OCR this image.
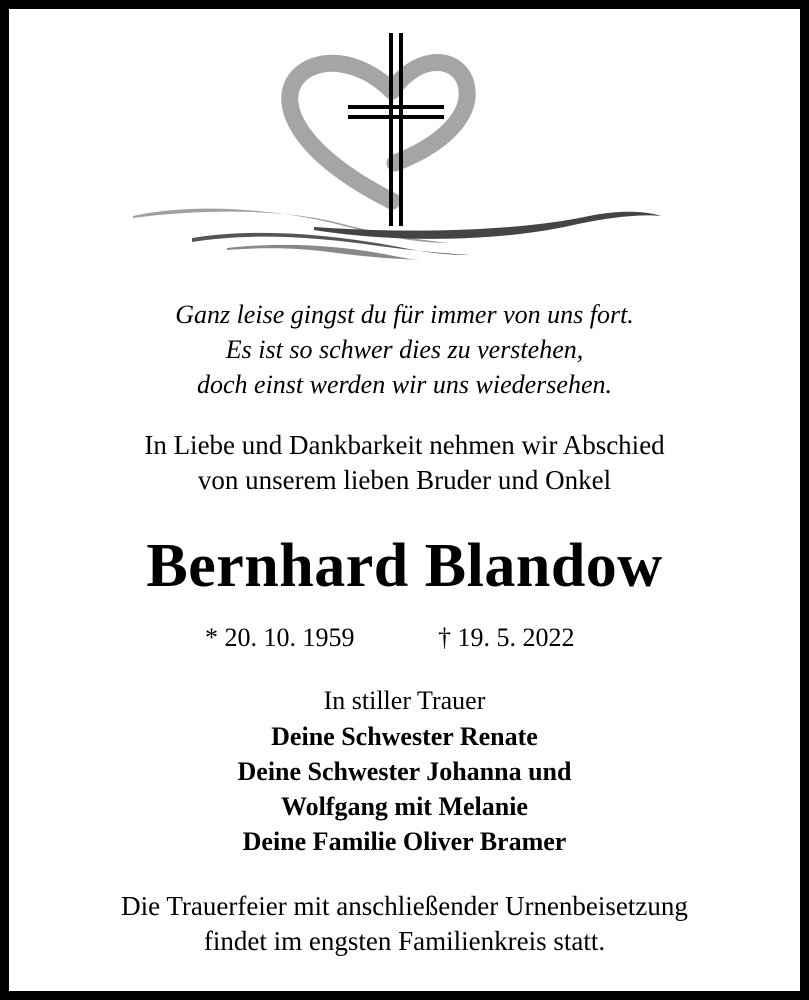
Ganz leise gingst du für immer von uns fort.
Es ist so schwer dies zu verstehen,
doch einst werden wir uns wiedersehen.
In Liebe und Dankbarkeit nehmen wir Abschied
von unserem lieben Bruder und Onkel
Bernhard Blandow
* 20. 10. 1959	† 19. 5. 2022
In stiller Trauer
Deine Schwester Renate
Deine Schwester Johanna und
Wolfgang mit Melanie
Deine Familie Oliver Bramer
Die Trauerfeier mit anschließender Urnenbeisetzung
findet im engsten Familienkreis statt.
